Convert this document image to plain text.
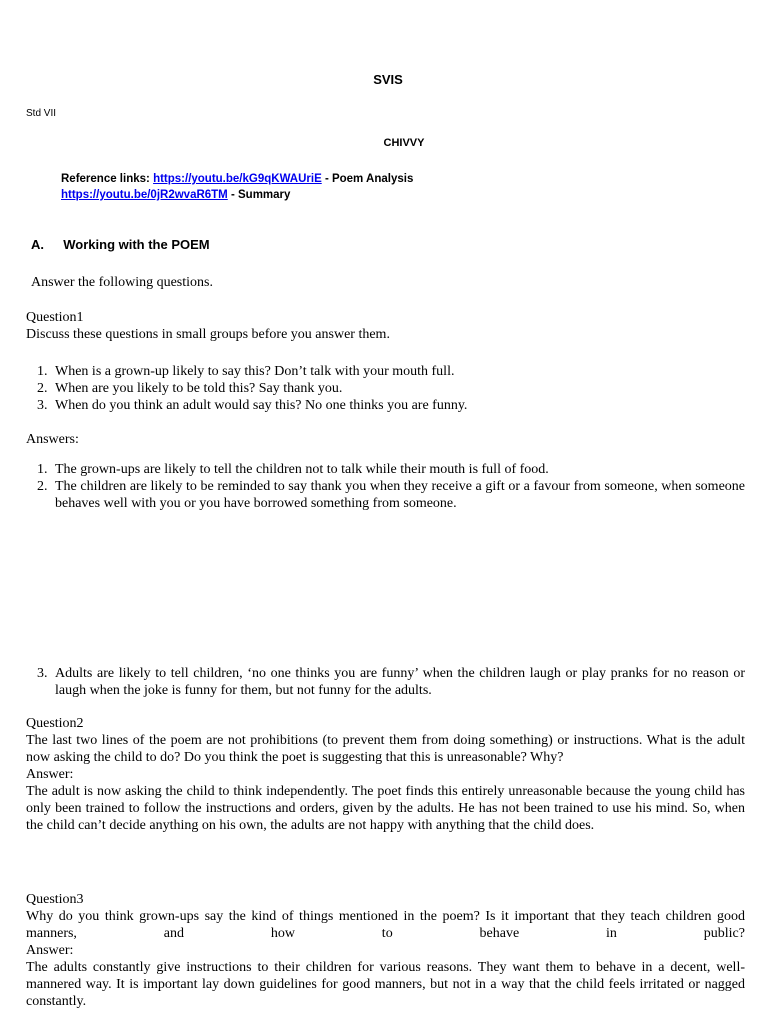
SVIS
Std VII
CHIVVY
Reference links: https://youtu.be/kG9qKWAUriE - Poem Analysis
https://youtu.be/0jR2wvaR6TM - Summary
A. Working with the POEM
Answer the following questions.
Question1
Discuss these questions in small groups before you answer them.
1. When is a grown-up likely to say this? Don’t talk with your mouth full.
2. When are you likely to be told this? Say thank you.
3. When do you think an adult would say this? No one thinks you are funny.
Answers:
1. The grown-ups are likely to tell the children not to talk while their mouth is full of food.
2. The children are likely to be reminded to say thank you when they receive a gift or a favour from someone, when someone behaves well with you or you have borrowed something from someone.
3. Adults are likely to tell children, ‘no one thinks you are funny’ when the children laugh or play pranks for no reason or laugh when the joke is funny for them, but not funny for the adults.
Question2
The last two lines of the poem are not prohibitions (to prevent them from doing something) or instructions. What is the adult now asking the child to do? Do you think the poet is suggesting that this is unreasonable? Why?
Answer:
The adult is now asking the child to think independently. The poet finds this entirely unreasonable because the young child has only been trained to follow the instructions and orders, given by the adults. He has not been trained to use his mind. So, when the child can’t decide anything on his own, the adults are not happy with anything that the child does.
Question3
Why do you think grown-ups say the kind of things mentioned in the poem? Is it important that they teach children good manners, and how to behave in public?
Answer:
The adults constantly give instructions to their children for various reasons. They want them to behave in a decent, well-mannered way. It is important lay down guidelines for good manners, but not in a way that the child feels irritated or nagged constantly.
